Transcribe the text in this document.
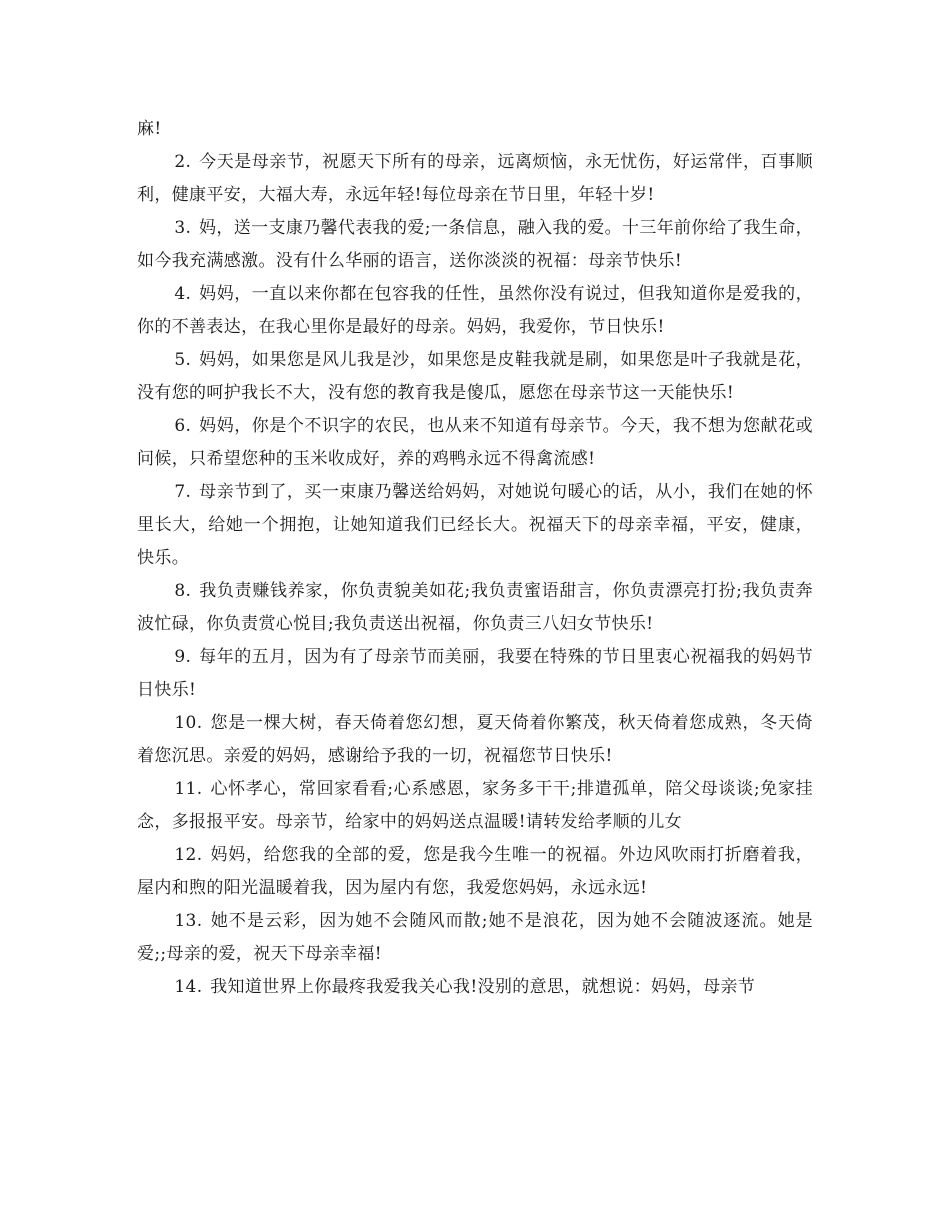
麻!

2. 今天是母亲节，祝愿天下所有的母亲，远离烦恼，永无忧伤，好运常伴，百事顺利，健康平安，大福大寿，永远年轻!每位母亲在节日里，年轻十岁!

3. 妈，送一支康乃馨代表我的爱;一条信息，融入我的爱。十三年前你给了我生命，如今我充满感激。没有什么华丽的语言，送你淡淡的祝福：母亲节快乐!

4. 妈妈，一直以来你都在包容我的任性，虽然你没有说过，但我知道你是爱我的，你的不善表达，在我心里你是最好的母亲。妈妈，我爱你，节日快乐!

5. 妈妈，如果您是风儿我是沙，如果您是皮鞋我就是刷，如果您是叶子我就是花，没有您的呵护我长不大，没有您的教育我是傻瓜，愿您在母亲节这一天能快乐!

6. 妈妈，你是个不识字的农民，也从来不知道有母亲节。今天，我不想为您献花或问候，只希望您种的玉米收成好，养的鸡鸭永远不得禽流感!

7. 母亲节到了，买一束康乃馨送给妈妈，对她说句暖心的话，从小，我们在她的怀里长大，给她一个拥抱，让她知道我们已经长大。祝福天下的母亲幸福，平安，健康，快乐。

8. 我负责赚钱养家，你负责貌美如花;我负责蜜语甜言，你负责漂亮打扮;我负责奔波忙碌，你负责赏心悦目;我负责送出祝福，你负责三八妇女节快乐!

9. 每年的五月，因为有了母亲节而美丽，我要在特殊的节日里衷心祝福我的妈妈节日快乐!

10. 您是一棵大树，春天倚着您幻想，夏天倚着你繁茂，秋天倚着您成熟，冬天倚着您沉思。亲爱的妈妈，感谢给予我的一切，祝福您节日快乐!

11. 心怀孝心，常回家看看;心系感恩，家务多干干;排遣孤单，陪父母谈谈;免家挂念，多报报平安。母亲节，给家中的妈妈送点温暖!请转发给孝顺的儿女

12. 妈妈，给您我的全部的爱，您是我今生唯一的祝福。外边风吹雨打折磨着我，屋内和煦的阳光温暖着我，因为屋内有您，我爱您妈妈，永远永远!

13. 她不是云彩，因为她不会随风而散;她不是浪花，因为她不会随波逐流。她是爱;;母亲的爱，祝天下母亲幸福!

14. 我知道世界上你最疼我爱我关心我!没别的意思，就想说：妈妈，母亲节
